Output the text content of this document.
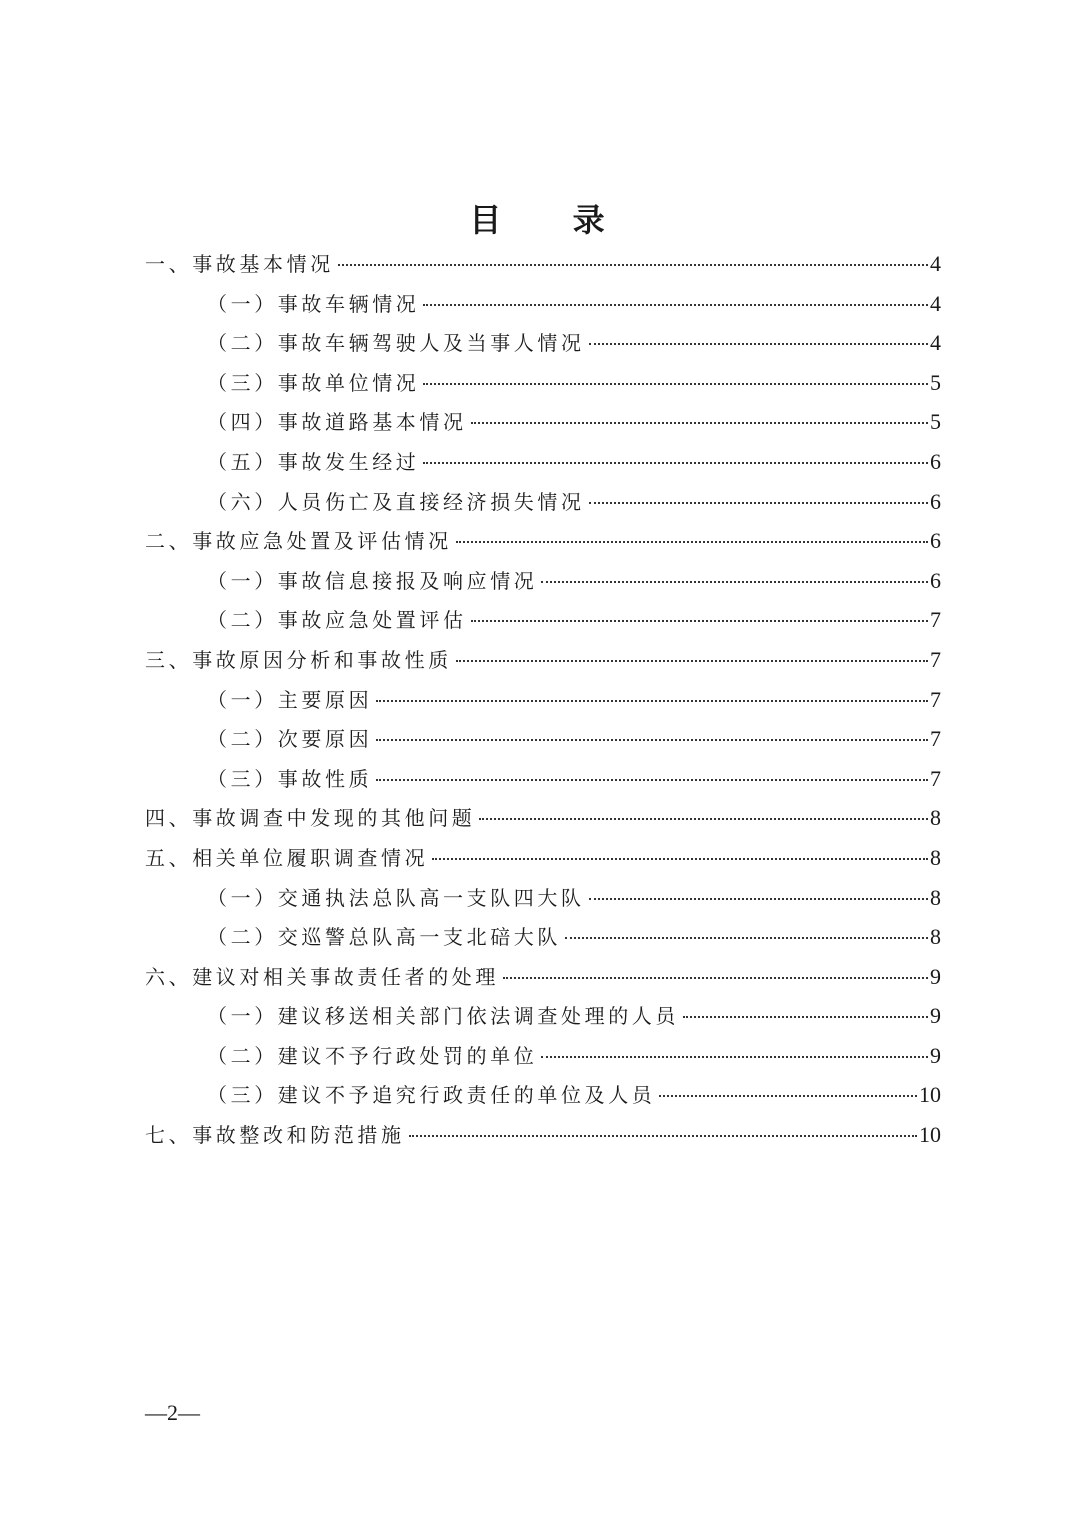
目 录
一、事故基本情况	4
（一）事故车辆情况	4
（二）事故车辆驾驶人及当事人情况	4
（三）事故单位情况	5
（四）事故道路基本情况	5
（五）事故发生经过	6
（六）人员伤亡及直接经济损失情况	6
二、事故应急处置及评估情况	6
（一）事故信息接报及响应情况	6
（二）事故应急处置评估	7
三、事故原因分析和事故性质	7
（一）主要原因	7
（二）次要原因	7
（三）事故性质	7
四、事故调查中发现的其他问题	8
五、相关单位履职调查情况	8
（一）交通执法总队高一支队四大队	8
（二）交巡警总队高一支北碚大队	8
六、建议对相关事故责任者的处理	9
（一）建议移送相关部门依法调查处理的人员	9
（二）建议不予行政处罚的单位	9
（三）建议不予追究行政责任的单位及人员	10
七、事故整改和防范措施	10
—2—
